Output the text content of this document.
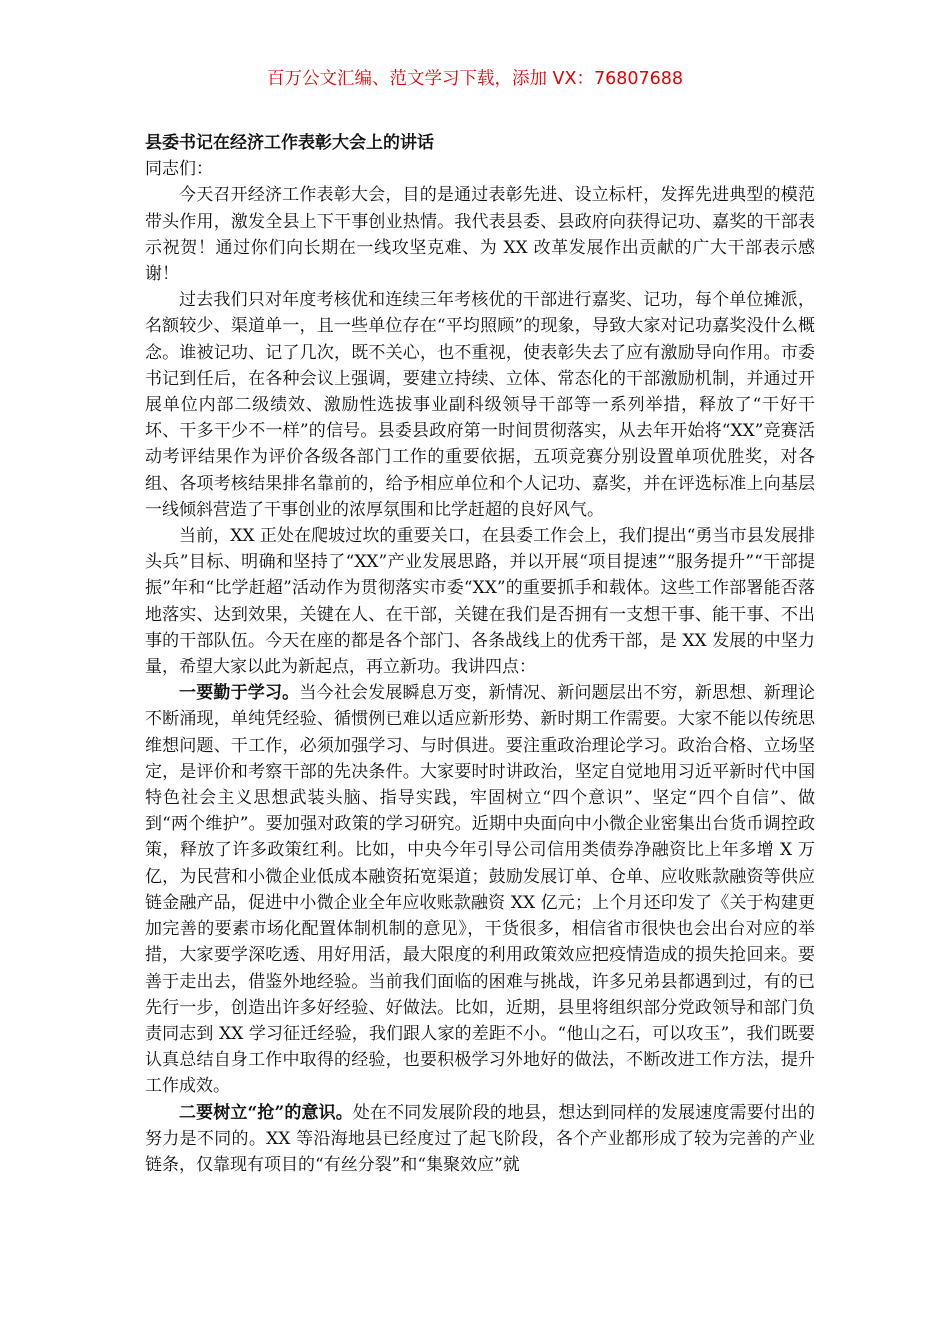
百万公文汇编、范文学习下载，添加 VX：76807688

县委书记在经济工作表彰大会上的讲话

同志们：

今天召开经济工作表彰大会，目的是通过表彰先进、设立标杆，发挥先进典型的模范带头作用，激发全县上下干事创业热情。我代表县委、县政府向获得记功、嘉奖的干部表示祝贺！通过你们向长期在一线攻坚克难、为 XX 改革发展作出贡献的广大干部表示感谢！

过去我们只对年度考核优和连续三年考核优的干部进行嘉奖、记功，每个单位摊派，名额较少、渠道单一，且一些单位存在“平均照顾”的现象，导致大家对记功嘉奖没什么概念。谁被记功、记了几次，既不关心，也不重视，使表彰失去了应有激励导向作用。市委书记到任后，在各种会议上强调，要建立持续、立体、常态化的干部激励机制，并通过开展单位内部二级绩效、激励性选拔事业副科级领导干部等一系列举措，释放了“干好干坏、干多干少不一样”的信号。县委县政府第一时间贯彻落实，从去年开始将“XX”竞赛活动考评结果作为评价各级各部门工作的重要依据，五项竞赛分别设置单项优胜奖，对各组、各项考核结果排名靠前的，给予相应单位和个人记功、嘉奖，并在评选标准上向基层一线倾斜营造了干事创业的浓厚氛围和比学赶超的良好风气。

当前，XX 正处在爬坡过坎的重要关口，在县委工作会上，我们提出“勇当市县发展排头兵”目标、明确和坚持了“XX”产业发展思路，并以开展“项目提速”“服务提升”“干部提振”年和“比学赶超”活动作为贯彻落实市委“XX”的重要抓手和载体。这些工作部署能否落地落实、达到效果，关键在人、在干部，关键在我们是否拥有一支想干事、能干事、不出事的干部队伍。今天在座的都是各个部门、各条战线上的优秀干部，是 XX 发展的中坚力量，希望大家以此为新起点，再立新功。我讲四点：

一要勤于学习。当今社会发展瞬息万变，新情况、新问题层出不穷，新思想、新理论不断涌现，单纯凭经验、循惯例已难以适应新形势、新时期工作需要。大家不能以传统思维想问题、干工作，必须加强学习、与时俱进。要注重政治理论学习。政治合格、立场坚定，是评价和考察干部的先决条件。大家要时时讲政治，坚定自觉地用习近平新时代中国特色社会主义思想武装头脑、指导实践，牢固树立“四个意识”、坚定“四个自信”、做到“两个维护”。要加强对政策的学习研究。近期中央面向中小微企业密集出台货币调控政策，释放了许多政策红利。比如，中央今年引导公司信用类债券净融资比上年多增 X 万亿，为民营和小微企业低成本融资拓宽渠道；鼓励发展订单、仓单、应收账款融资等供应链金融产品，促进中小微企业全年应收账款融资 XX 亿元；上个月还印发了《关于构建更加完善的要素市场化配置体制机制的意见》，干货很多，相信省市很快也会出台对应的举措，大家要学深吃透、用好用活，最大限度的利用政策效应把疫情造成的损失抢回来。要善于走出去，借鉴外地经验。当前我们面临的困难与挑战，许多兄弟县都遇到过，有的已先行一步，创造出许多好经验、好做法。比如，近期，县里将组织部分党政领导和部门负责同志到 XX 学习征迁经验，我们跟人家的差距不小。“他山之石，可以攻玉”，我们既要认真总结自身工作中取得的经验，也要积极学习外地好的做法，不断改进工作方法，提升工作成效。

二要树立“抢”的意识。处在不同发展阶段的地县，想达到同样的发展速度需要付出的努力是不同的。XX 等沿海地县已经度过了起飞阶段，各个产业都形成了较为完善的产业链条，仅靠现有项目的“有丝分裂”和“集聚效应”就
